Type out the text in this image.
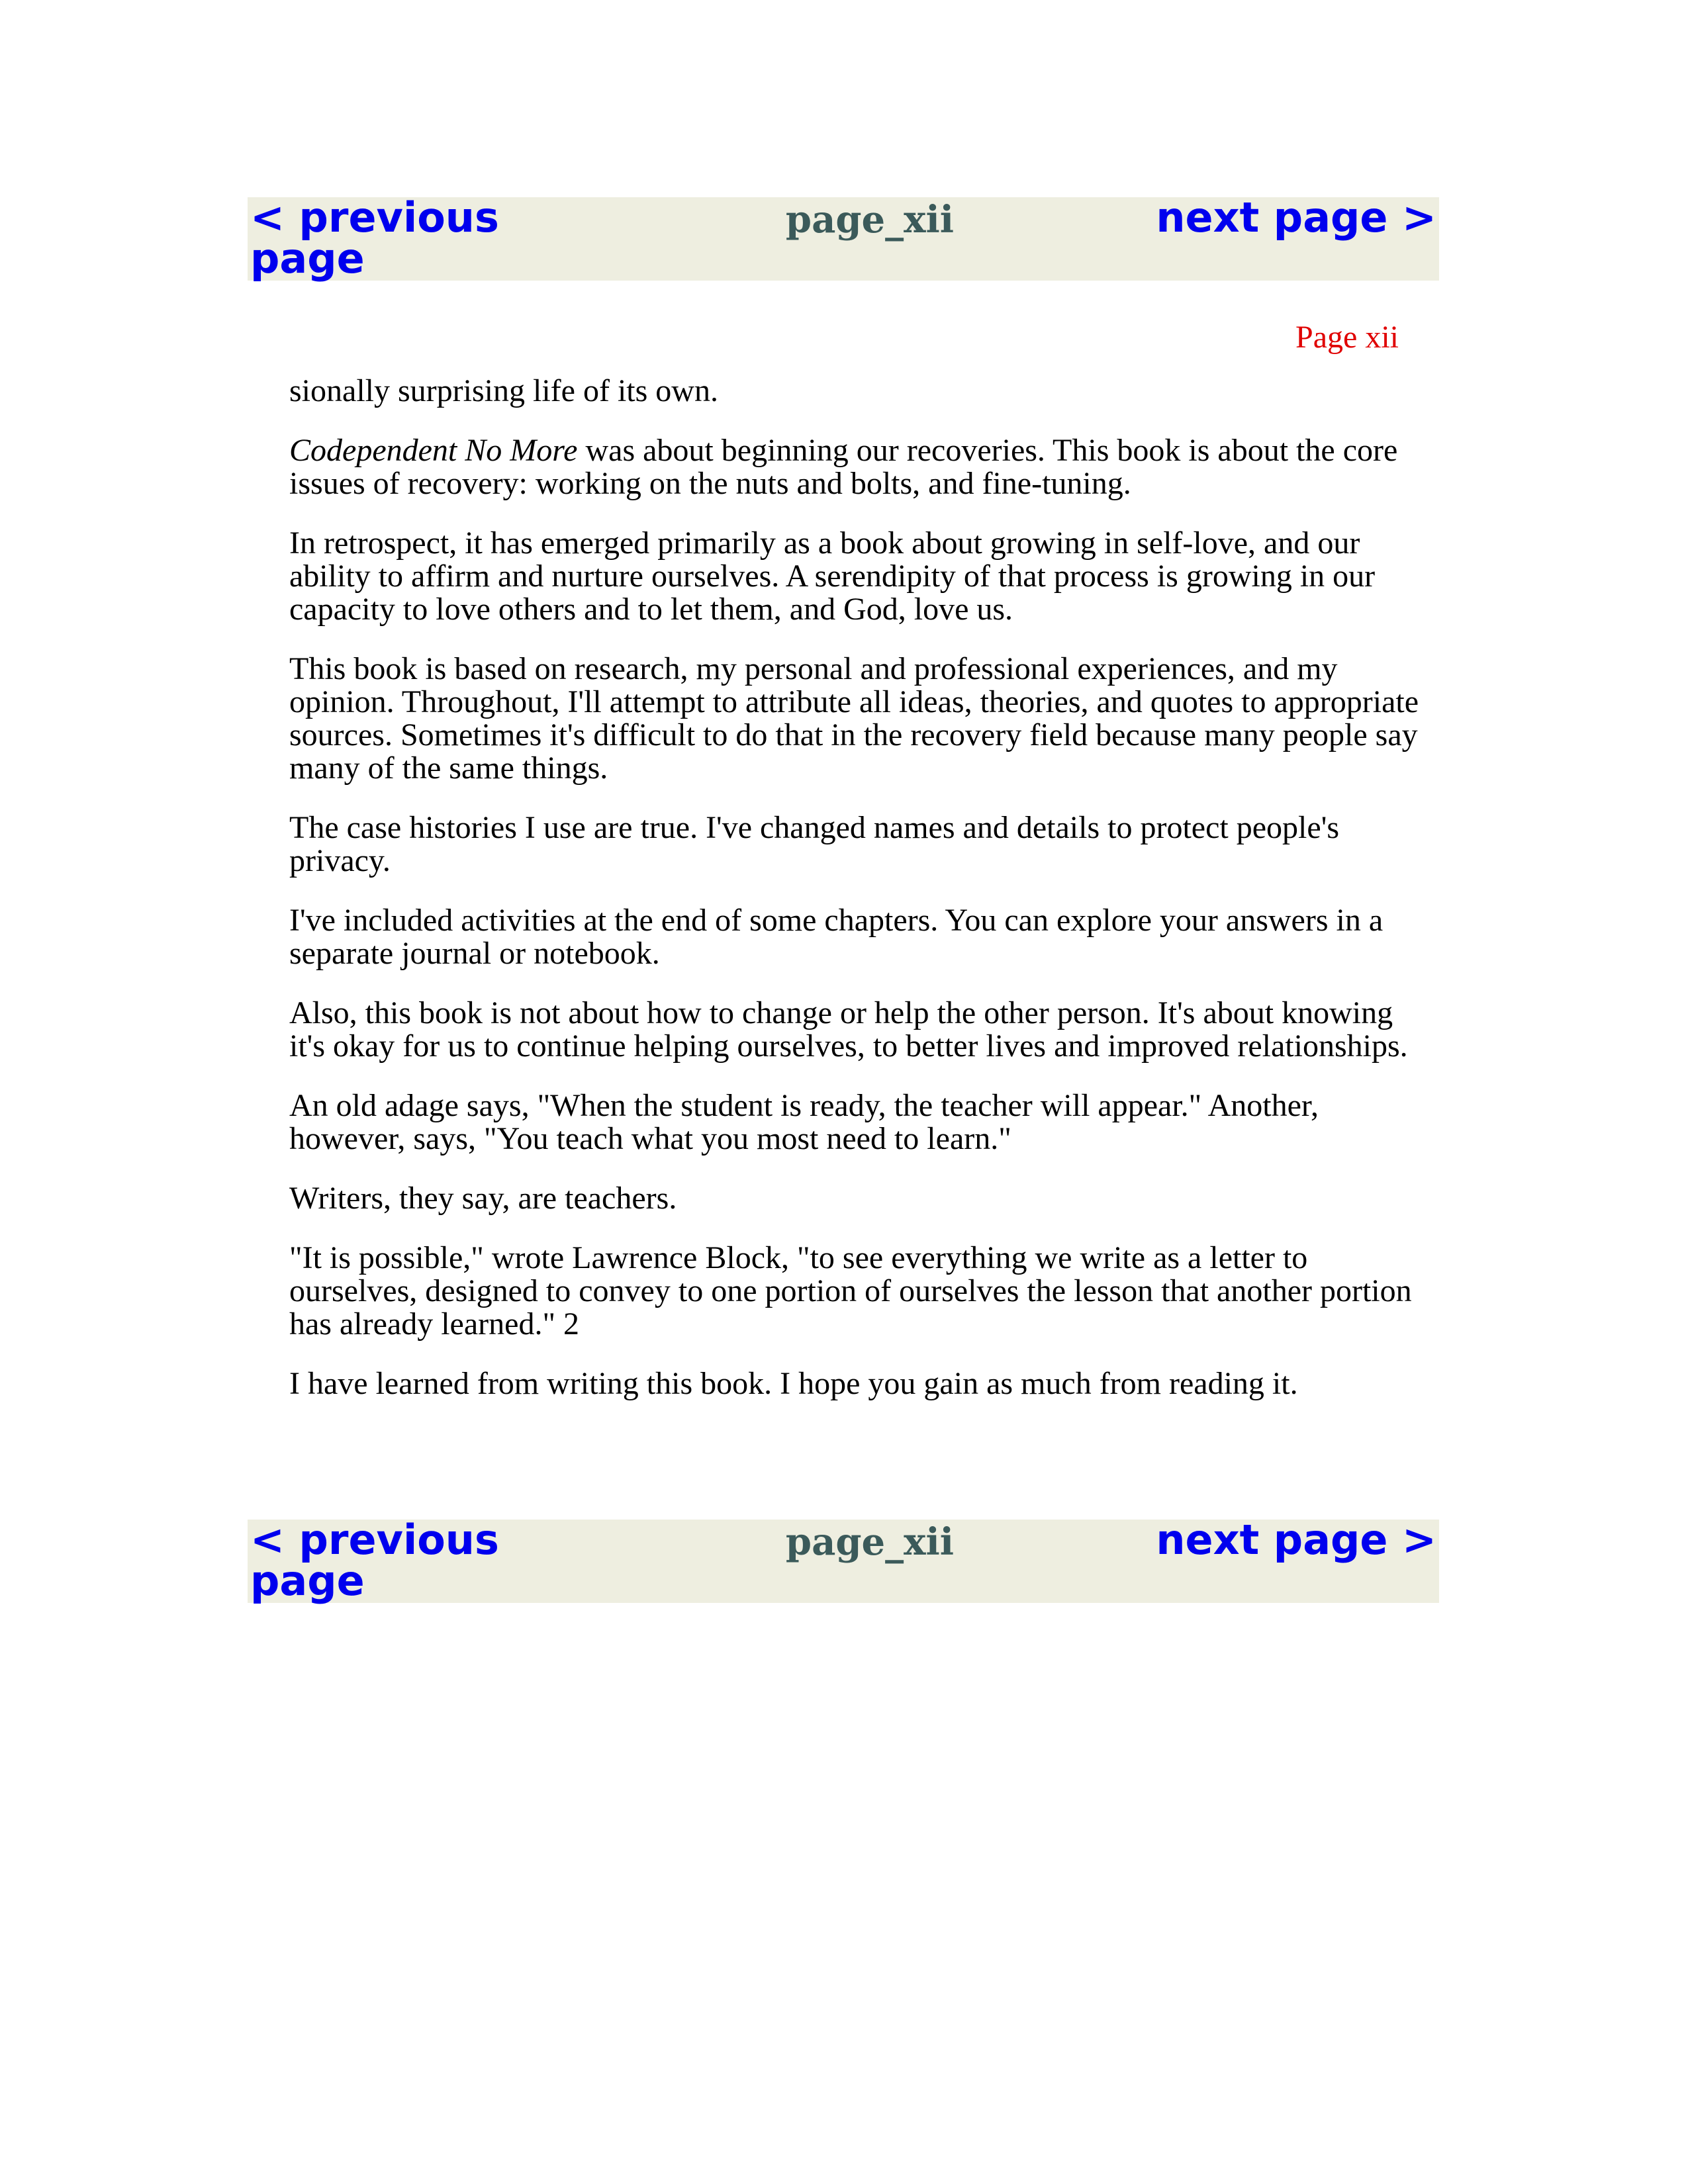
< previous page
page_xii	next page >
Page xii

sionally surprising life of its own.

Codependent No More was about beginning our recoveries. This book is about the core issues of recovery: working on the nuts and bolts, and fine-tuning.

In retrospect, it has emerged primarily as a book about growing in self-love, and our ability to affirm and nurture ourselves. A serendipity of that process is growing in our capacity to love others and to let them, and God, love us.

This book is based on research, my personal and professional experiences, and my opinion. Throughout, I'll attempt to attribute all ideas, theories, and quotes to appropriate sources. Sometimes it's difficult to do that in the recovery field because many people say many of the same things.

The case histories I use are true. I've changed names and details to protect people's privacy.

I've included activities at the end of some chapters. You can explore your answers in a separate journal or notebook.

Also, this book is not about how to change or help the other person. It's about knowing it's okay for us to continue helping ourselves, to better lives and improved relationships.

An old adage says, "When the student is ready, the teacher will appear." Another, however, says, "You teach what you most need to learn."

Writers, they say, are teachers.

"It is possible," wrote Lawrence Block, "to see everything we write as a letter to ourselves, designed to convey to one portion of ourselves the lesson that another portion has already learned." 2

I have learned from writing this book. I hope you gain as much from reading it.

< previous page
page_xii	next page >
